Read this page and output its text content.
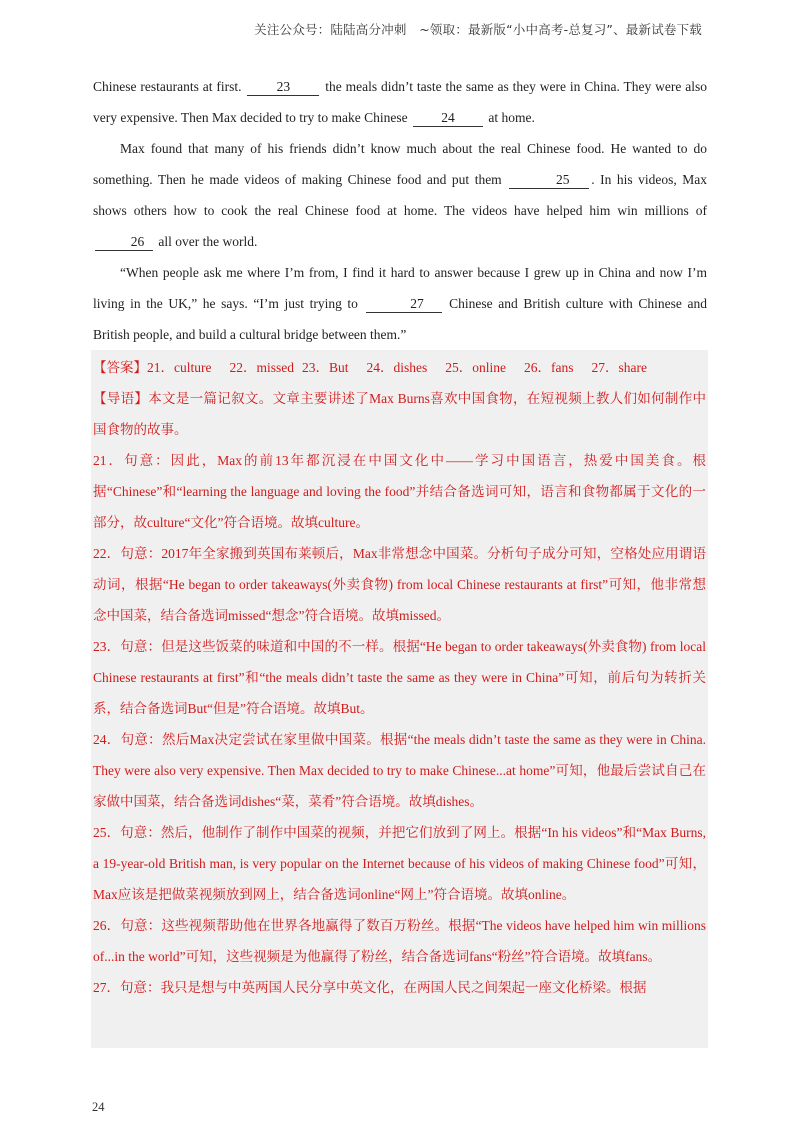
关注公众号：陆陆高分冲刺　~领取：最新版“小中高考-总复习”、最新试卷下载

Chinese restaurants at first.	23	the meals didn’t taste the same as they were in China. They were also very expensive. Then Max decided to try to make Chinese 24 at home.

Max found that many of his friends didn’t know much about the real Chinese food. He wanted to do something. Then he made videos of making Chinese food and put them	25 . In his videos, Max shows others how to cook the real Chinese food at home. The videos have helped him win millions of 26 all over the world.

“When people ask me where I’m from, I find it hard to answer because I grew up in China and now I’m living in the UK,” he says. “I’m just trying to	27 Chinese and British culture with Chinese and British people, and build a cultural bridge between them.”

【答案】21．culture 22．missed 23．But 24．dishes 25．online 26．fans 27．share

【导语】本文是一篇记叙文。文章主要讲述了Max Burns喜欢中国食物，在短视频上教人们如何制作中国食物的故事。

21．句意：因此，Max的前13年都沉浸在中国文化中——学习中国语言，热爱中国美食。根据“Chinese”和“learning the language and loving the food”并结合备选词可知，语言和食物都属于文化的一部分，故culture“文化”符合语境。故填culture。

22．句意：2017年全家搬到英国布莱顿后，Max非常想念中国菜。分析句子成分可知，空格处应用谓语动词，根据“He began to order takeaways(外卖食物) from local Chinese restaurants at first”可知，他非常想念中国菜，结合备选词missed“想念”符合语境。故填missed。

23．句意：但是这些饭菜的味道和中国的不一样。根据“He began to order takeaways(外卖食物) from local Chinese restaurants at first”和“the meals didn’t taste the same as they were in China”可知，前后句为转折关系，结合备选词But“但是”符合语境。故填But。

24．句意：然后Max决定尝试在家里做中国菜。根据“the meals didn’t taste the same as they were in China. They were also very expensive. Then Max decided to try to make Chinese...at home”可知，他最后尝试自己在家做中国菜，结合备选词dishes“菜，菜肴”符合语境。故填dishes。

25．句意：然后，他制作了制作中国菜的视频，并把它们放到了网上。根据“In his videos”和“Max Burns, a 19-year-old British man, is very popular on the Internet because of his videos of making Chinese food”可知，Max应该是把做菜视频放到网上，结合备选词online“网上”符合语境。故填online。

26．句意：这些视频帮助他在世界各地赢得了数百万粉丝。根据“The videos have helped him win millions of...in the world”可知，这些视频是为他赢得了粉丝，结合备选词fans“粉丝”符合语境。故填fans。

27．句意：我只是想与中英两国人民分享中英文化，在两国人民之间架起一座文化桥梁。根据

24
